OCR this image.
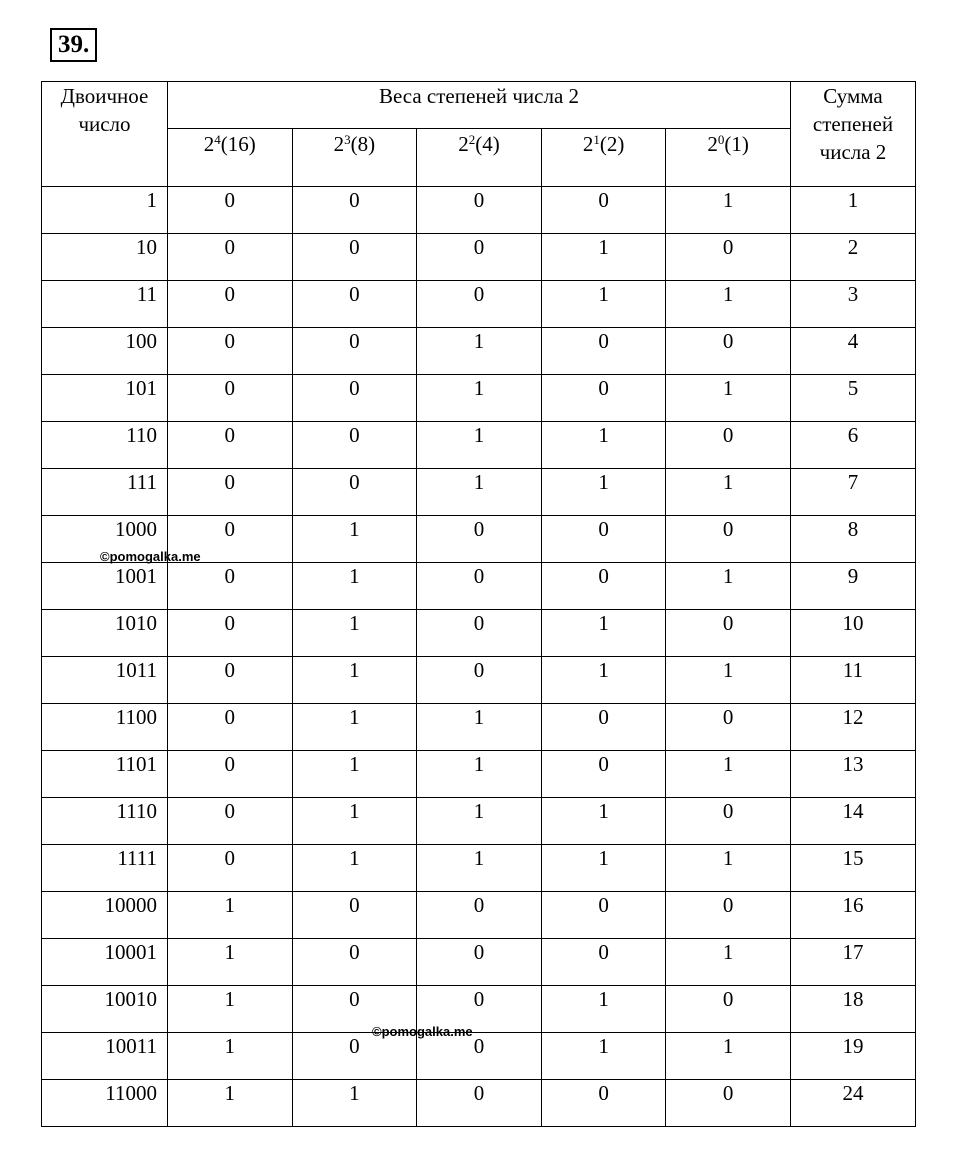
39.
Двоичное число	Веса степеней числа 2					Сумма степеней числа 2
	$2^4(16)$	$2^3(8)$	$2^2(4)$	$2^1(2)$	$2^0(1)$	
1	0	0	0	0	1	1
10	0	0	0	1	0	2
11	0	0	0	1	1	3
100	0	0	1	0	0	4
101	0	0	1	0	1	5
110	0	0	1	1	0	6
111	0	0	1	1	1	7
1000	0	1	0	0	0	8
1001	0	1	0	0	1	9
1010	0	1	0	1	0	10
1011	0	1	0	1	1	11
1100	0	1	1	0	0	12
1101	0	1	1	0	1	13
1110	0	1	1	1	0	14
1111	0	1	1	1	1	15
10000	1	0	0	0	0	16
10001	1	0	0	0	1	17
10010	1	0	0	1	0	18
10011	1	0	0	1	1	19
11000	1	1	0	0	0	24
©pomogalka.me
©pomogalka.me
